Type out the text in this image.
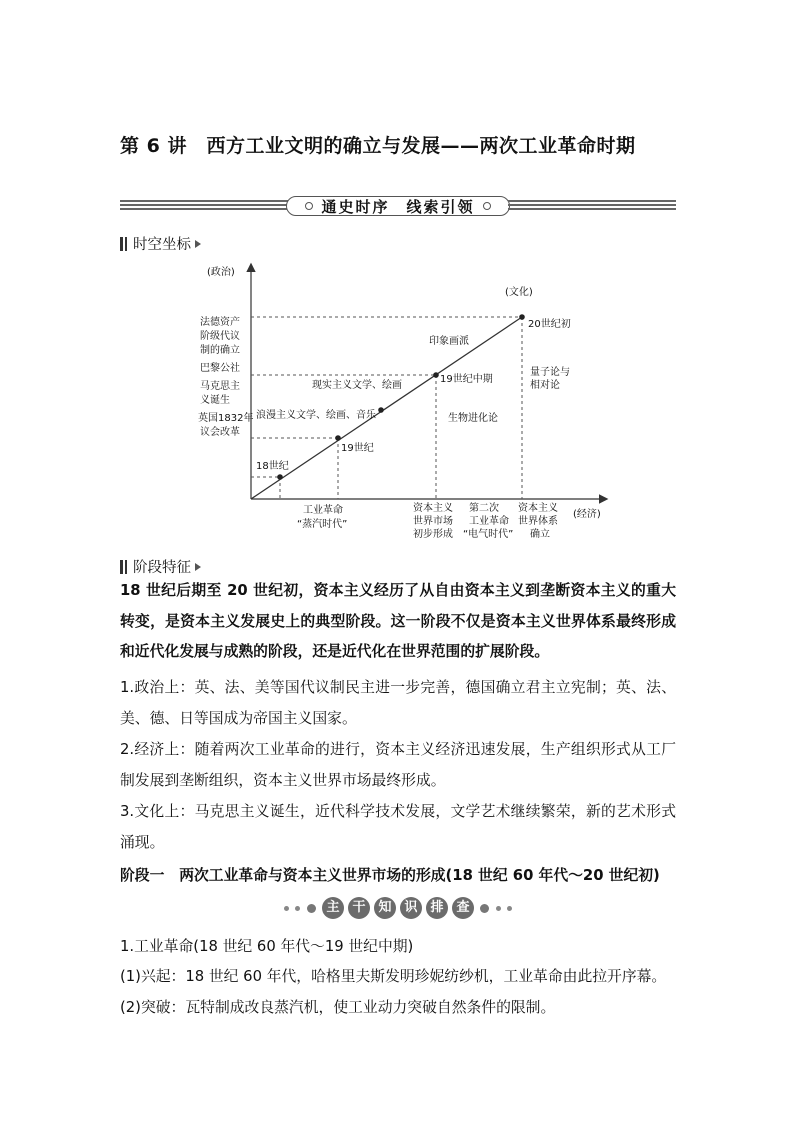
第 6 讲　西方工业文明的确立与发展——两次工业革命时期
通史时序　线索引领
时空坐标
(政治)
(文化)
(经济)
法德资产
阶级代议
制的确立
巴黎公社
马克思主
义诞生
英国1832年
议会改革
印象画派
现实主义文学、绘画
浪漫主义文学、绘画、音乐	生物进化论
量子论与
相对论
18世纪
19世纪
19世纪中期
20世纪初
工业革命
“蒸汽时代”
资本主义
世界市场
初步形成
第二次
工业革命
“电气时代”
资本主义
世界体系
确立
阶段特征
18 世纪后期至 20 世纪初，资本主义经历了从自由资本主义到垄断资本主义的重大转变，是资本主义发展史上的典型阶段。这一阶段不仅是资本主义世界体系最终形成和近代化发展与成熟的阶段，还是近代化在世界范围的扩展阶段。
1.政治上：英、法、美等国代议制民主进一步完善，德国确立君主立宪制；英、法、美、德、日等国成为帝国主义国家。
2.经济上：随着两次工业革命的进行，资本主义经济迅速发展，生产组织形式从工厂制发展到垄断组织，资本主义世界市场最终形成。
3.文化上：马克思主义诞生，近代科学技术发展，文学艺术继续繁荣，新的艺术形式涌现。
阶段一　两次工业革命与资本主义世界市场的形成(18 世纪 60 年代～20 世纪初)
主 干 知 识 排 查
1.工业革命(18 世纪 60 年代～19 世纪中期)
(1)兴起：18 世纪 60 年代，哈格里夫斯发明珍妮纺纱机，工业革命由此拉开序幕。
(2)突破：瓦特制成改良蒸汽机，使工业动力突破自然条件的限制。
